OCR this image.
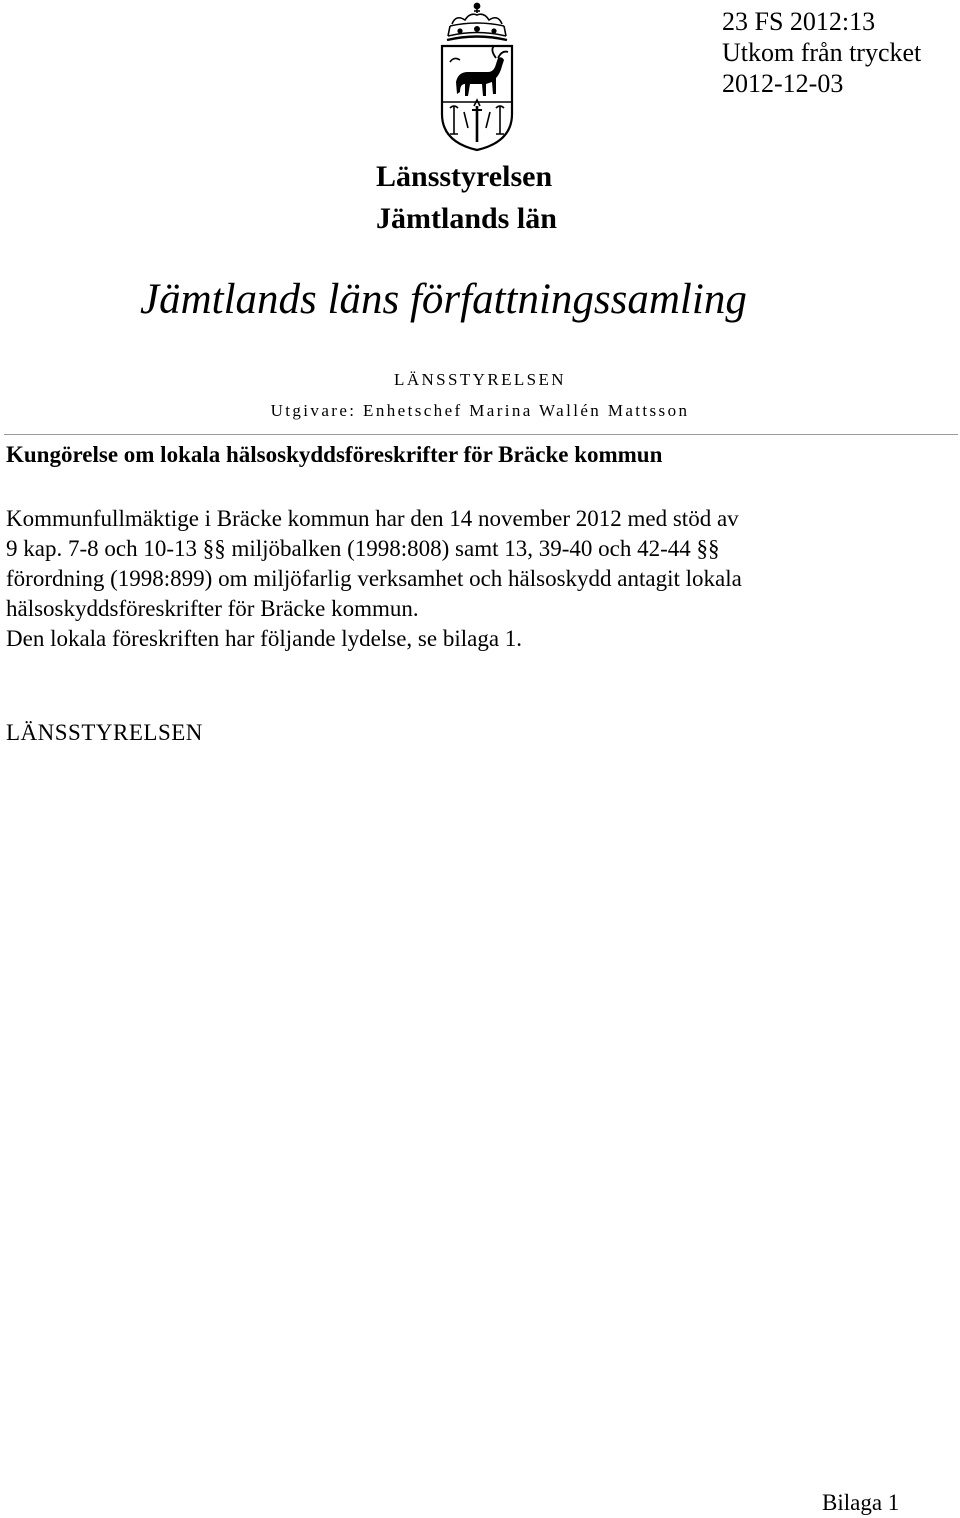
23 FS 2012:13
Utkom från trycket
2012-12-03
Länsstyrelsen
Jämtlands län
Jämtlands läns författningssamling
LÄNSSTYRELSEN
Utgivare: Enhetschef Marina Wallén Mattsson
Kungörelse om lokala hälsoskyddsföreskrifter för Bräcke kommun

Kommunfullmäktige i Bräcke kommun har den 14 november 2012 med stöd av

9 kap. 7-8 och 10-13 §§ miljöbalken (1998:808) samt 13, 39-40 och 42-44 §§

förordning (1998:899) om miljöfarlig verksamhet och hälsoskydd antagit lokala

hälsoskyddsföreskrifter för Bräcke kommun.

Den lokala föreskriften har följande lydelse, se bilaga 1.

LÄNSSTYRELSEN
Bilaga 1
